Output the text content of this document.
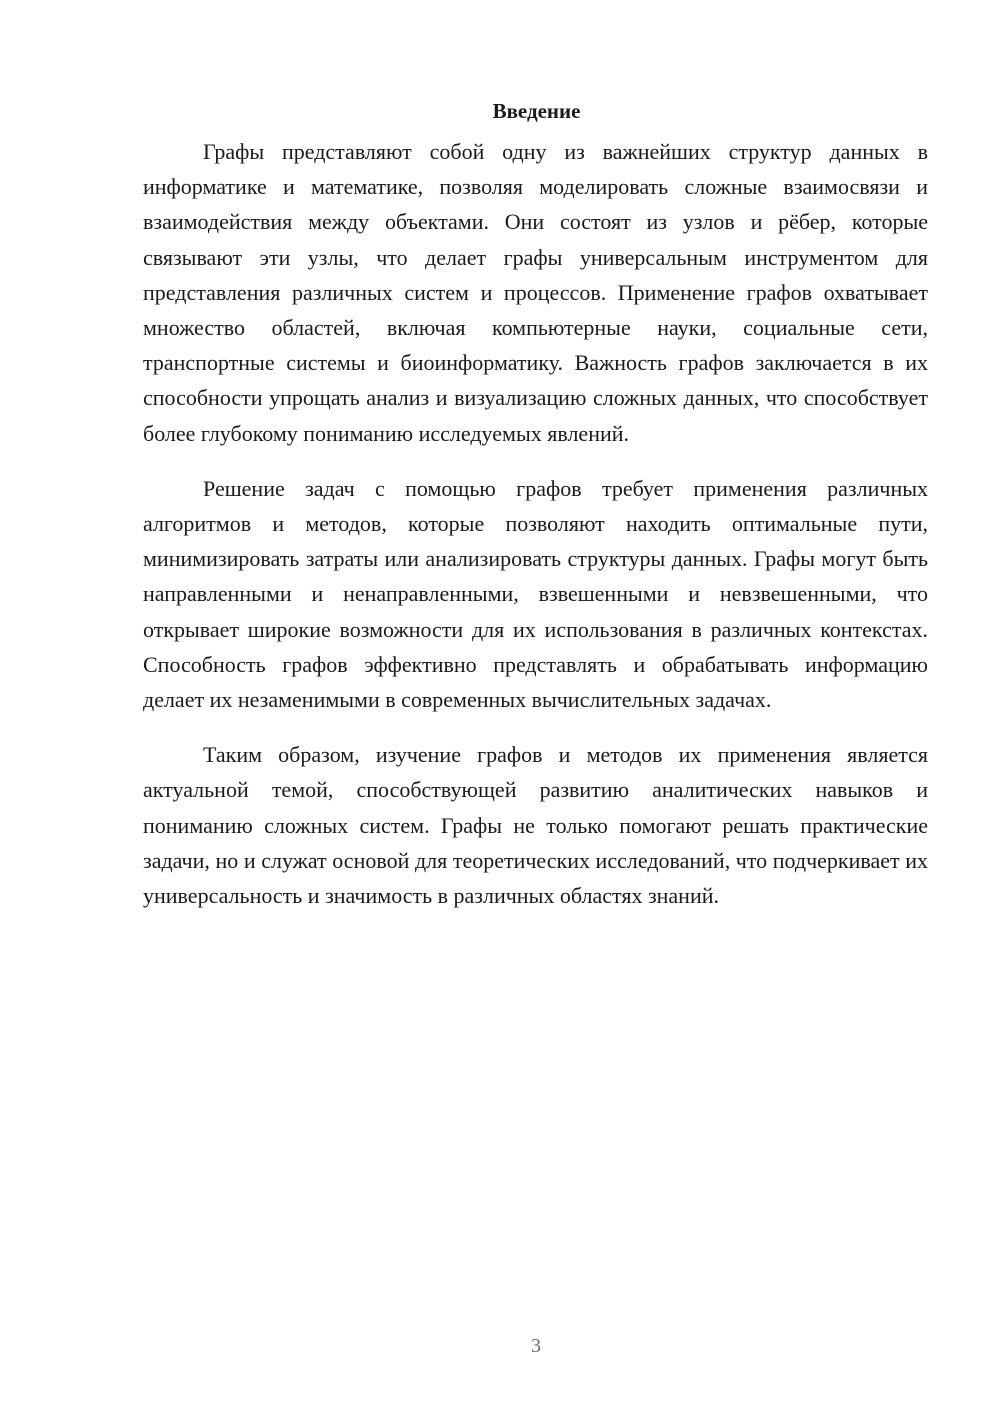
Введение

Графы представляют собой одну из важнейших структур данных в информатике и математике, позволяя моделировать сложные взаимосвязи и взаимодействия между объектами. Они состоят из узлов и рёбер, которые связывают эти узлы, что делает графы универсальным инструментом для представления различных систем и процессов. Применение графов охватывает множество областей, включая компьютерные науки, социальные сети, транспортные системы и биоинформатику. Важность графов заключается в их способности упрощать анализ и визуализацию сложных данных, что способствует более глубокому пониманию исследуемых явлений.

Решение задач с помощью графов требует применения различных алгоритмов и методов, которые позволяют находить оптимальные пути, минимизировать затраты или анализировать структуры данных. Графы могут быть направленными и ненаправленными, взвешенными и невзвешенными, что открывает широкие возможности для их использования в различных контекстах. Способность графов эффективно представлять и обрабатывать информацию делает их незаменимыми в современных вычислительных задачах.

Таким образом, изучение графов и методов их применения является актуальной темой, способствующей развитию аналитических навыков и пониманию сложных систем. Графы не только помогают решать практические задачи, но и служат основой для теоретических исследований, что подчеркивает их универсальность и значимость в различных областях знаний.

3
